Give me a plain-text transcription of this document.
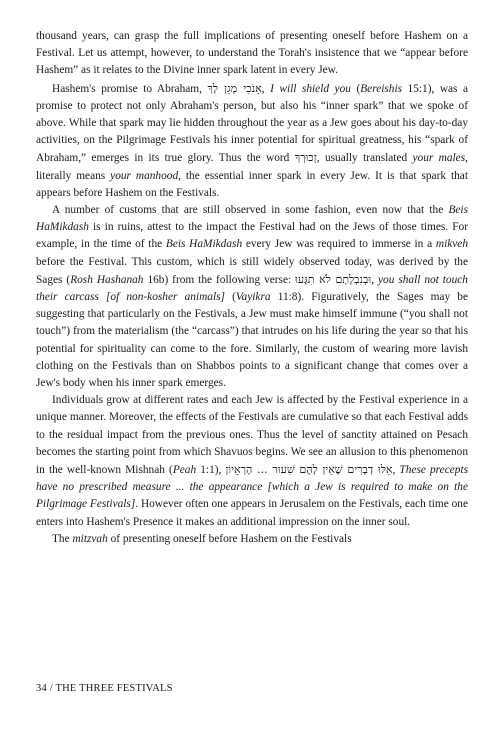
thousand years, can grasp the full implications of presenting oneself before Hashem on a Festival. Let us attempt, however, to understand the Torah's insistence that we “appear before Hashem” as it relates to the Divine inner spark latent in every Jew.

Hashem's promise to Abraham, אָנֹכִי מָגֵן לָךְ, I will shield you (Bereishis 15:1), was a promise to protect not only Abraham's person, but also his “inner spark” that we spoke of above. While that spark may lie hidden throughout the year as a Jew goes about his day-to-day activities, on the Pilgrimage Festivals his inner potential for spiritual greatness, his “spark of Abraham,” emerges in its true glory. Thus the word זְכוּרְךָ, usually translated your males, literally means your manhood, the essential inner spark in every Jew. It is that spark that appears before Hashem on the Festivals.

A number of customs that are still observed in some fashion, even now that the Beis HaMikdash is in ruins, attest to the impact the Festival had on the Jews of those times. For example, in the time of the Beis HaMikdash every Jew was required to immerse in a mikveh before the Festival. This custom, which is still widely observed today, was derived by the Sages (Rosh Hashanah 16b) from the following verse: וּבְנִבְלָתָם לֹא תִגָּעוּ, you shall not touch their carcass [of non-kosher animals] (Vayikra 11:8). Figuratively, the Sages may be suggesting that particularly on the Festivals, a Jew must make himself immune (“you shall not touch”) from the materialism (the “carcass”) that intrudes on his life during the year so that his potential for spirituality can come to the fore. Similarly, the custom of wearing more lavish clothing on the Festivals than on Shabbos points to a significant change that comes over a Jew's body when his inner spark emerges.

Individuals grow at different rates and each Jew is affected by the Festival experience in a unique manner. Moreover, the effects of the Festivals are cumulative so that each Festival adds to the residual impact from the previous ones. Thus the level of sanctity attained on Pesach becomes the starting point from which Shavuos begins. We see an allusion to this phenomenon in the well-known Mishnah (Peah 1:1), אֵלּוּ דְבָרִים שֶׁאֵין לָהֶם שִׁעוּר ... הָרְאָיוֹן, These precepts have no prescribed measure ... the appearance [which a Jew is required to make on the Pilgrimage Festivals]. However often one appears in Jerusalem on the Festivals, each time one enters into Hashem's Presence it makes an additional impression on the inner soul.

The mitzvah of presenting oneself before Hashem on the Festivals

34 / THE THREE FESTIVALS
